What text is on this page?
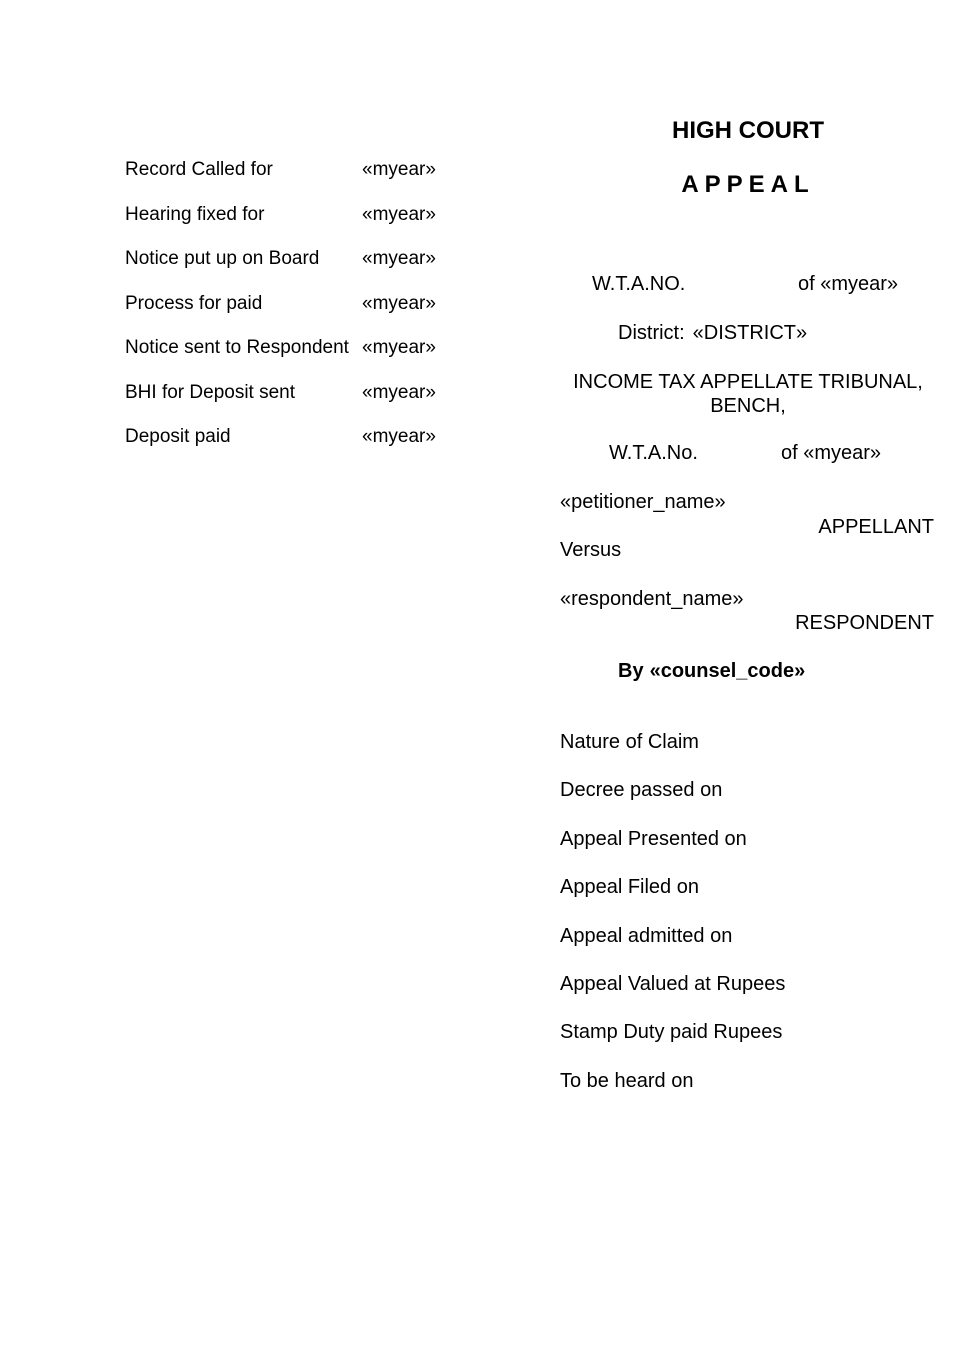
Record Called for	«myear»
Hearing fixed for	«myear»
Notice put up on Board	«myear»
Process for paid	«myear»
Notice sent to Respondent «myear»
BHI for Deposit sent	«myear»
Deposit paid	«myear»
HIGH COURT
APPEAL
W.T.A.NO.	of «myear»
District: «DISTRICT»
INCOME TAX APPELLATE TRIBUNAL,
BENCH,
W.T.A.No.	of «myear»
«petitioner_name»
APPELLANT
Versus
«respondent_name»
RESPONDENT
By «counsel_code»
Nature of Claim
Decree passed on
Appeal Presented on
Appeal Filed on
Appeal admitted on
Appeal Valued at Rupees
Stamp Duty paid Rupees
To be heard on
